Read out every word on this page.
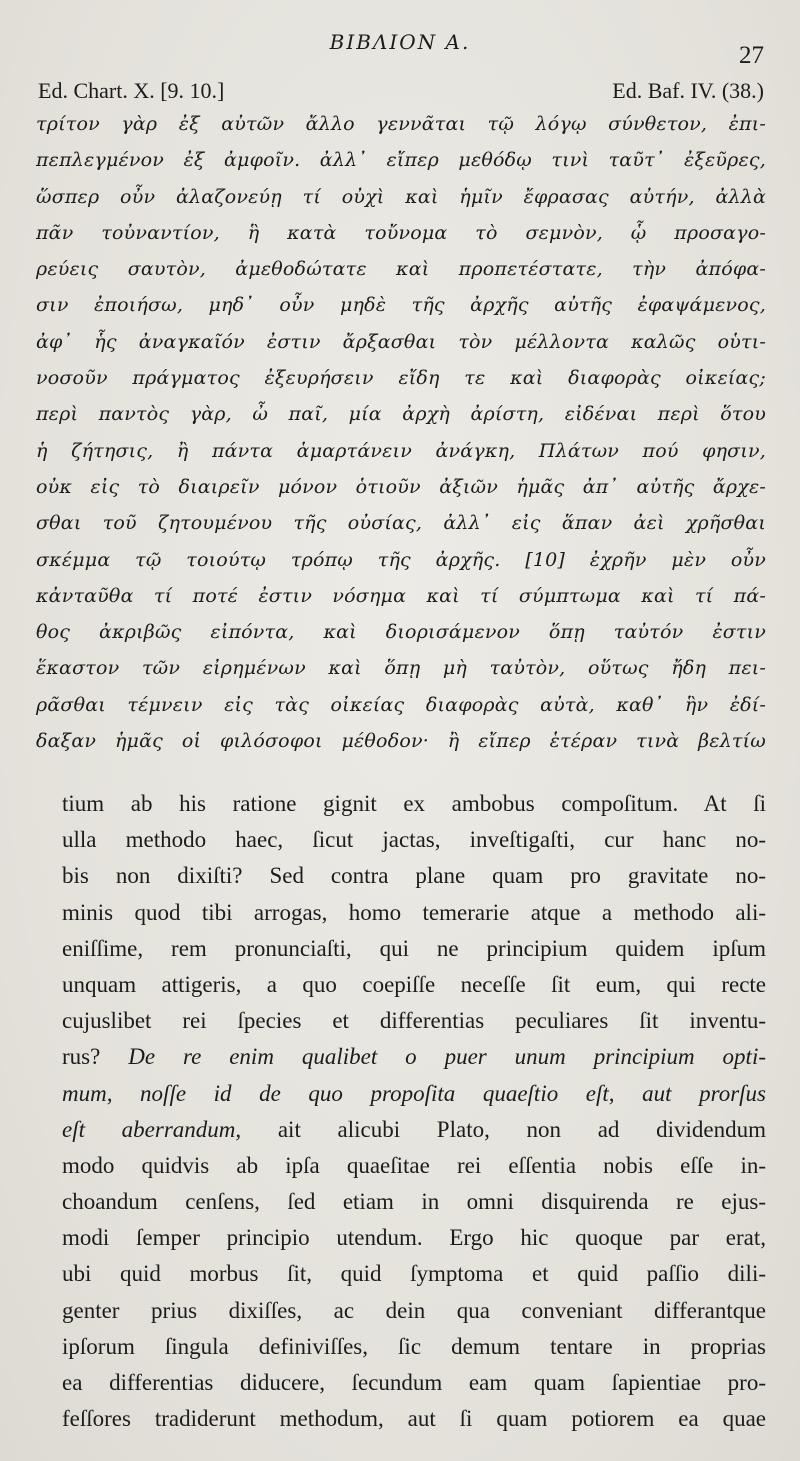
ΒΙΒΛΙΟΝ Α.	27
Ed. Chart. X. [9. 10.]	Ed. Baf. IV. (38.)
τρίτον γὰρ ἐξ αὐτῶν ἄλλο γεννᾶται τῷ λόγῳ σύνθετον, ἐπι-
πεπλεγμένον ἐξ ἀμφοῖν. ἀλλ᾽ εἴπερ μεθόδῳ τινὶ ταῦτ᾽ ἐξεῦρες,
ὥσπερ οὖν ἀλαζονεύῃ τί οὐχὶ καὶ ἡμῖν ἔφρασας αὐτήν, ἀλλὰ
πᾶν τοὐναντίον, ἣ κατὰ τοὔνομα τὸ σεμνὸν, ᾧ προσαγο-
ρεύεις σαυτὸν, ἀμεθοδώτατε καὶ προπετέστατε, τὴν ἀπόφα-
σιν ἐποιήσω, μηδ᾽ οὖν μηδὲ τῆς ἀρχῆς αὐτῆς ἐφαψάμενος,
ἀφ᾽ ἧς ἀναγκαῖόν ἐστιν ἄρξασθαι τὸν μέλλοντα καλῶς οὑτι-
νοσοῦν πράγματος ἐξευρήσειν εἴδη τε καὶ διαφορὰς οἰκείας;
περὶ παντὸς γὰρ, ὦ παῖ, μία ἀρχὴ ἀρίστη, εἰδέναι περὶ ὅτου
ἡ ζήτησις, ἢ πάντα ἁμαρτάνειν ἀνάγκη, Πλάτων πού φησιν,
οὐκ εἰς τὸ διαιρεῖν μόνον ὁτιοῦν ἀξιῶν ἡμᾶς ἀπ᾽ αὐτῆς ἄρχε-
σθαι τοῦ ζητουμένου τῆς οὐσίας, ἀλλ᾽ εἰς ἅπαν ἀεὶ χρῆσθαι
σκέμμα τῷ τοιούτῳ τρόπῳ τῆς ἀρχῆς. [10] ἐχρῆν μὲν οὖν
κἀνταῦθα τί ποτέ ἐστιν νόσημα καὶ τί σύμπτωμα καὶ τί πά-
θος ἀκριβῶς εἰπόντα, καὶ διορισάμενον ὅπῃ ταὐτόν ἐστιν
ἕκαστον τῶν εἰρημένων καὶ ὅπῃ μὴ ταὐτὸν, οὕτως ἤδη πει-
ρᾶσθαι τέμνειν εἰς τὰς οἰκείας διαφορὰς αὐτὰ, καθ᾽ ἣν ἐδί-
δαξαν ἡμᾶς οἱ φιλόσοφοι μέθοδον· ἢ εἴπερ ἑτέραν τινὰ βελτίω
tium ab his ratione gignit ex ambobus compoſitum. At ſi
ulla methodo haec, ſicut jactas, inveſtigaſti, cur hanc no-
bis non dixiſti? Sed contra plane quam pro gravitate no-
minis quod tibi arrogas, homo temerarie atque a methodo ali-
eniſſime, rem pronunciaſti, qui ne principium quidem ipſum
unquam attigeris, a quo coepiſſe neceſſe ſit eum, qui recte
cujuslibet rei ſpecies et differentias peculiares ſit inventu-
rus? De re enim qualibet o puer unum principium opti-
mum, noſſe id de quo propoſita quaeſtio eſt, aut prorſus
eſt aberrandum, ait alicubi Plato, non ad dividendum
modo quidvis ab ipſa quaeſitae rei eſſentia nobis eſſe in-
choandum cenſens, ſed etiam in omni disquirenda re ejus-
modi ſemper principio utendum. Ergo hic quoque par erat,
ubi quid morbus ſit, quid ſymptoma et quid paſſio dili-
genter prius dixiſſes, ac dein qua conveniant differantque
ipſorum ſingula definiviſſes, ſic demum tentare in proprias
ea differentias diducere, ſecundum eam quam ſapientiae pro-
feſſores tradiderunt methodum, aut ſi quam potiorem ea quae
